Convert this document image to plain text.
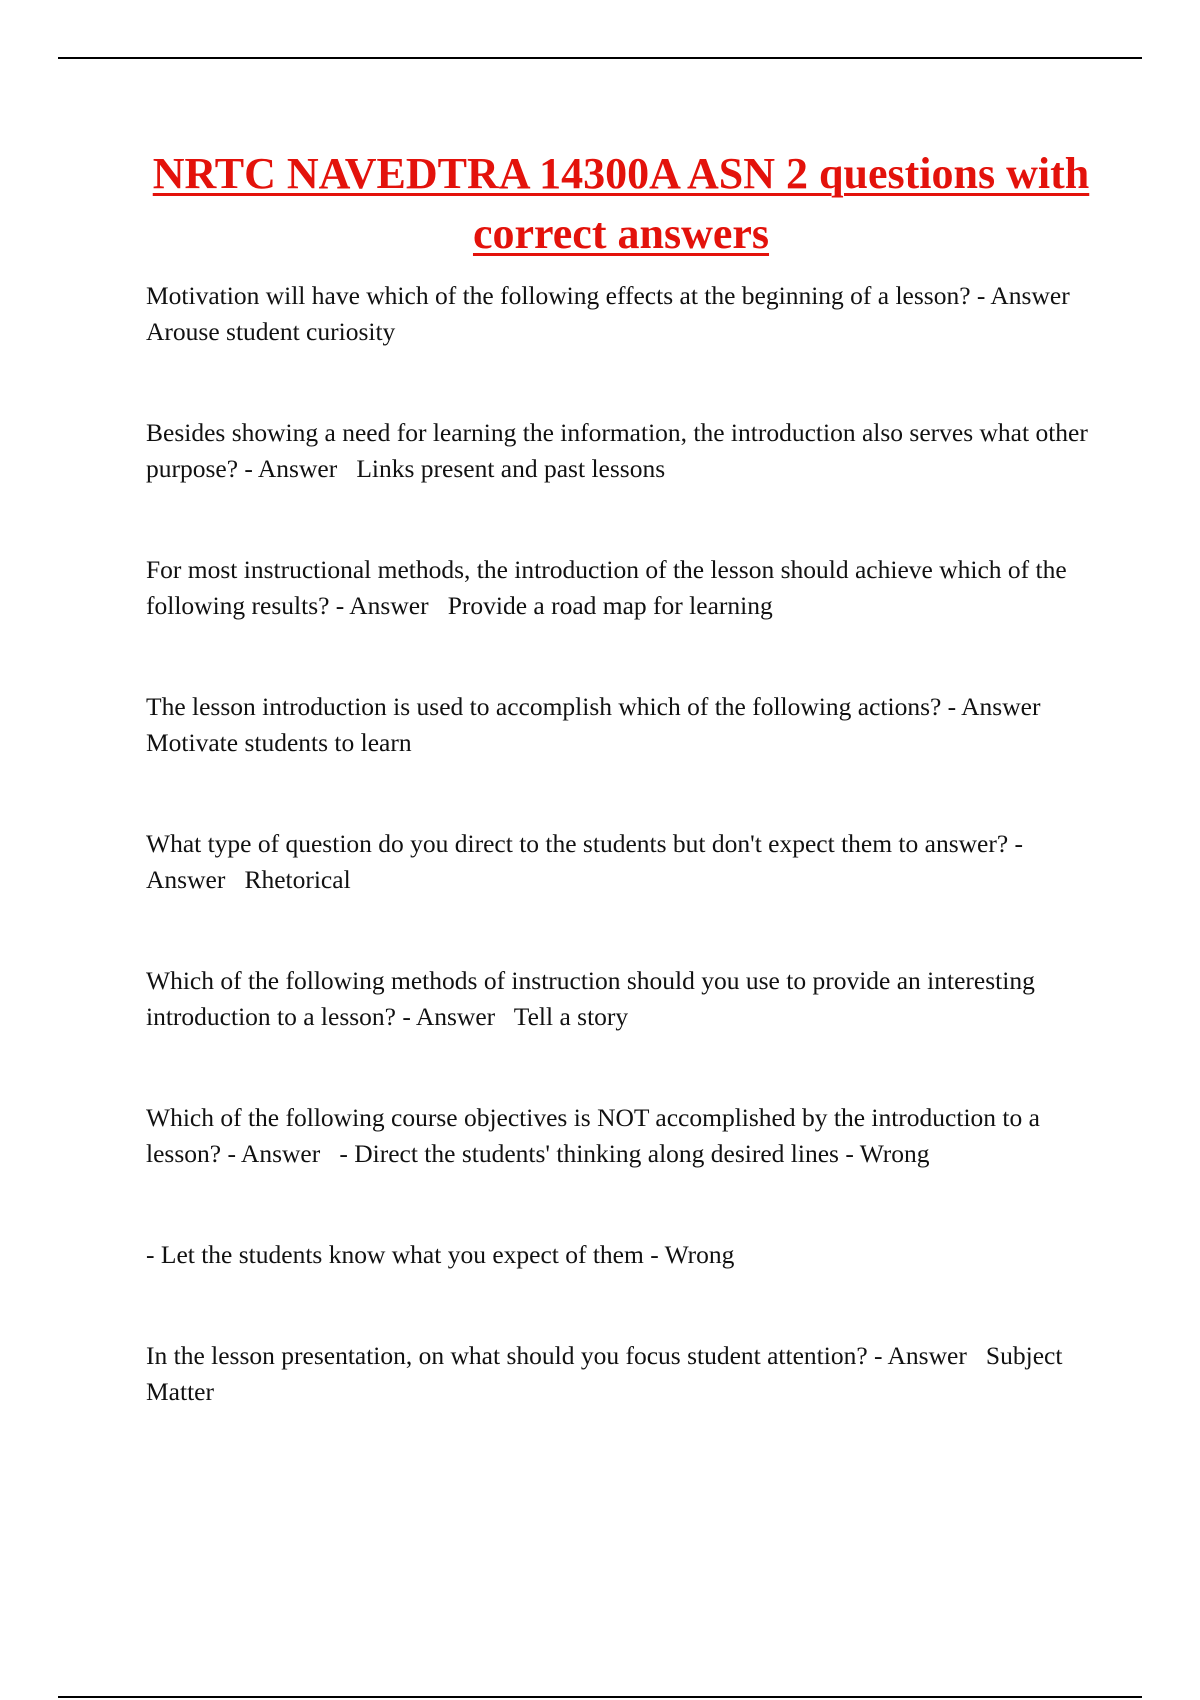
NRTC NAVEDTRA 14300A ASN 2 questions with correct answers

Motivation will have which of the following effects at the beginning of a lesson? - Answer   Arouse student curiosity

Besides showing a need for learning the information, the introduction also serves what other purpose? - Answer   Links present and past lessons

For most instructional methods, the introduction of the lesson should achieve which of the following results? - Answer   Provide a road map for learning

The lesson introduction is used to accomplish which of the following actions? - Answer   Motivate students to learn

What type of question do you direct to the students but don't expect them to answer? - Answer   Rhetorical

Which of the following methods of instruction should you use to provide an interesting introduction to a lesson? - Answer   Tell a story

Which of the following course objectives is NOT accomplished by the introduction to a lesson? - Answer   - Direct the students' thinking along desired lines - Wrong

- Let the students know what you expect of them - Wrong

In the lesson presentation, on what should you focus student attention? - Answer   Subject Matter
